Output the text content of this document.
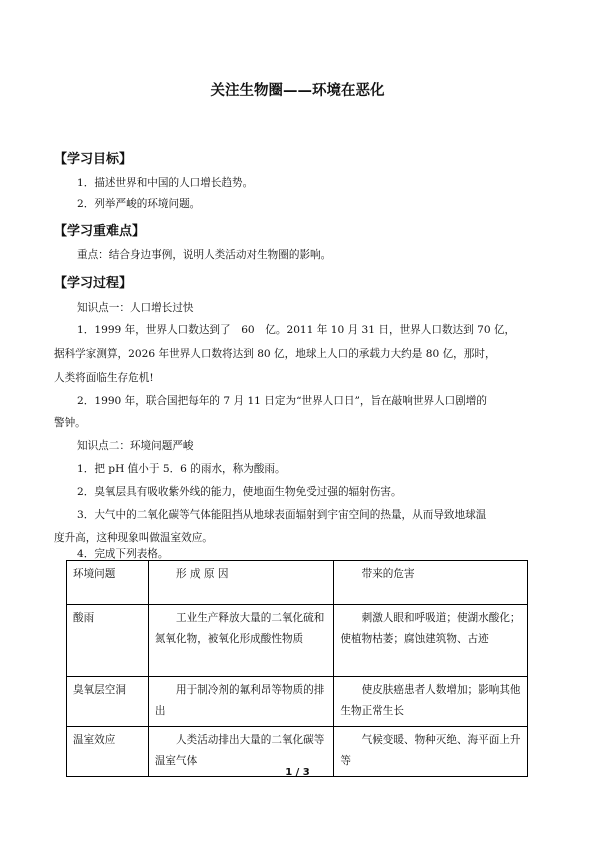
关注生物圈——环境在恶化
【学习目标】
1．描述世界和中国的人口增长趋势。
2．列举严峻的环境问题。
【学习重难点】
重点：结合身边事例，说明人类活动对生物圈的影响。
【学习过程】
知识点一：人口增长过快
1．1999 年，世界人口数达到了　60　亿。2011 年 10 月 31 日，世界人口数达到 70 亿，
据科学家测算，2026 年世界人口数将达到 80 亿，地球上人口的承载力大约是 80 亿，那时，
人类将面临生存危机!
2．1990 年，联合国把每年的 7 月 11 日定为“世界人口日”，旨在敲响世界人口剧增的
警钟。
知识点二：环境问题严峻
1．把 pH 值小于 5．6 的雨水，称为酸雨。
2．臭氧层具有吸收紫外线的能力，使地面生物免受过强的辐射伤害。
3．大气中的二氧化碳等气体能阻挡从地球表面辐射到宇宙空间的热量，从而导致地球温
度升高，这种现象叫做温室效应。
4．完成下列表格。
环境问题	形 成 原 因	带来的危害
酸雨	工业生产释放大量的二氧化硫和氮氧化物，被氧化形成酸性物质	刺激人眼和呼吸道；使湖水酸化；使植物枯萎；腐蚀建筑物、古迹
臭氧层空洞	用于制冷剂的氟利昂等物质的排出	使皮肤癌患者人数增加；影响其他生物正常生长
温室效应	人类活动排出大量的二氧化碳等温室气体	气候变暖、物种灭绝、海平面上升等
1 / 3
